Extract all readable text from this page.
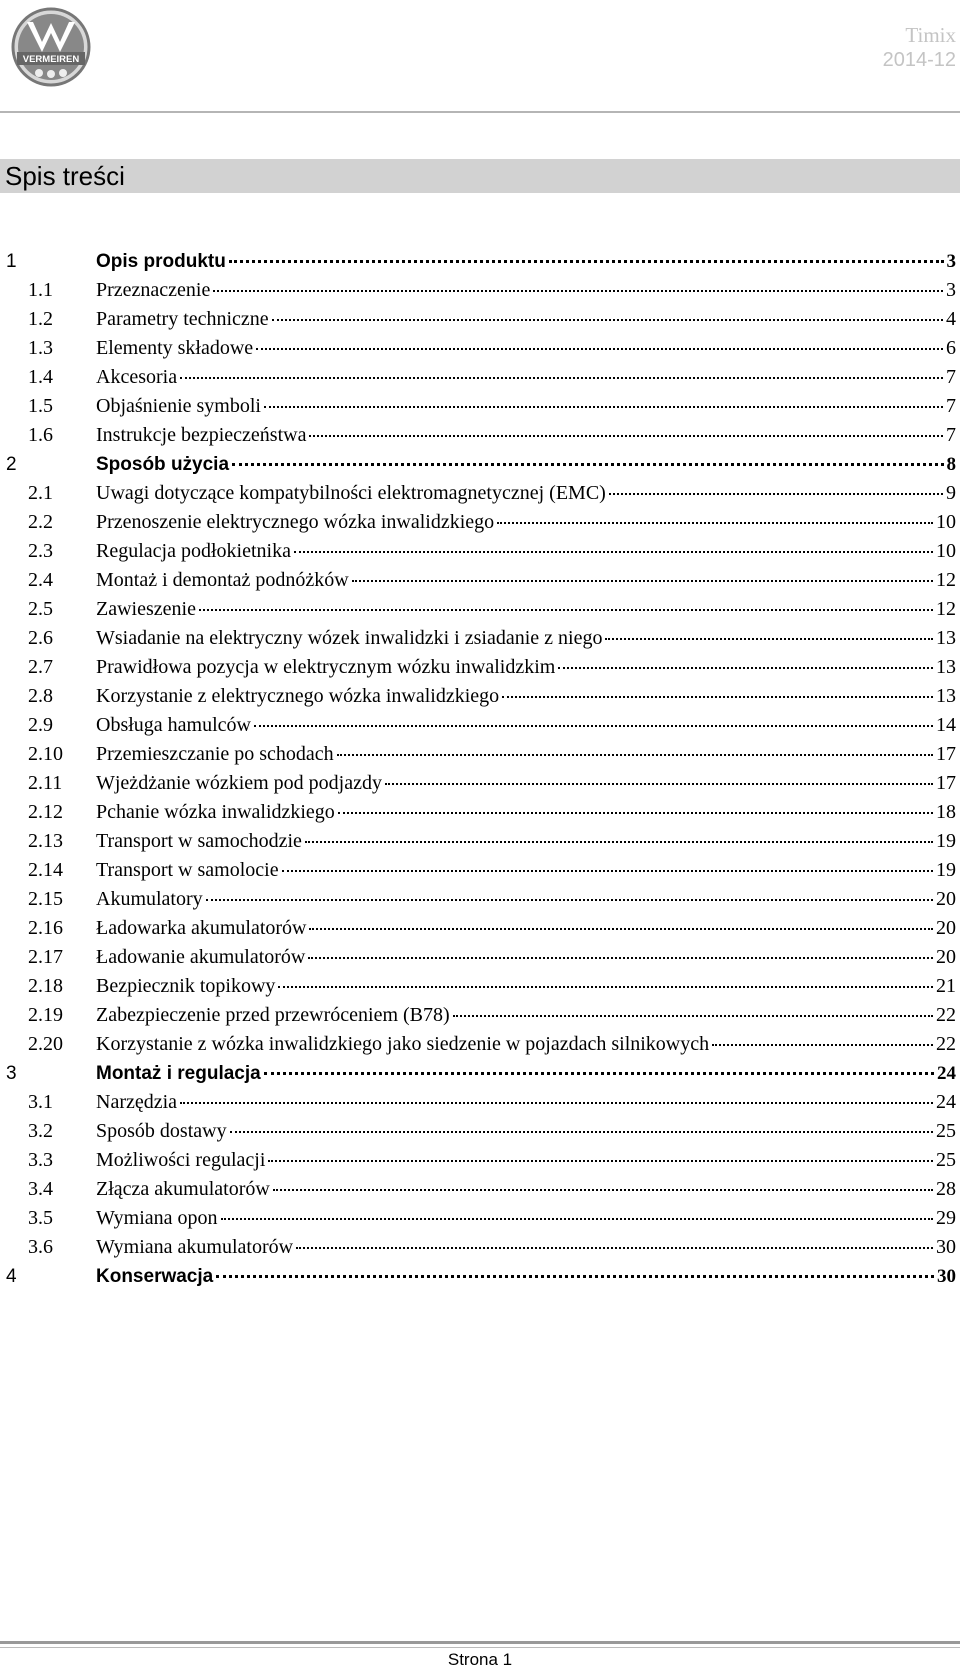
VERMEIREN
Timix
2014-12
Spis treści
1	Opis produktu	3
1.1 Przeznaczenie	3
1.2 Parametry techniczne	4
1.3 Elementy składowe	6
1.4 Akcesoria	7
1.5 Objaśnienie symboli	7
1.6 Instrukcje bezpieczeństwa	7
2	Sposób użycia	8
2.1 Uwagi dotyczące kompatybilności elektromagnetycznej (EMC)	9
2.2 Przenoszenie elektrycznego wózka inwalidzkiego	10
2.3 Regulacja podłokietnika	10
2.4 Montaż i demontaż podnóżków	12
2.5 Zawieszenie	12
2.6 Wsiadanie na elektryczny wózek inwalidzki i zsiadanie z niego	13
2.7 Prawidłowa pozycja w elektrycznym wózku inwalidzkim	13
2.8 Korzystanie z elektrycznego wózka inwalidzkiego	13
2.9 Obsługa hamulców	14
2.10 Przemieszczanie po schodach	17
2.11 Wjeżdżanie wózkiem pod podjazdy	17
2.12 Pchanie wózka inwalidzkiego	18
2.13 Transport w samochodzie	19
2.14 Transport w samolocie	19
2.15 Akumulatory	20
2.16 Ładowarka akumulatorów	20
2.17 Ładowanie akumulatorów	20
2.18 Bezpiecznik topikowy	21
2.19 Zabezpieczenie przed przewróceniem (B78)	22
2.20 Korzystanie z wózka inwalidzkiego jako siedzenie w pojazdach silnikowych	22
3	Montaż i regulacja	24
3.1 Narzędzia	24
3.2 Sposób dostawy	25
3.3 Możliwości regulacji	25
3.4 Złącza akumulatorów	28
3.5 Wymiana opon	29
3.6 Wymiana akumulatorów	30
4	Konserwacja	30
Strona 1
